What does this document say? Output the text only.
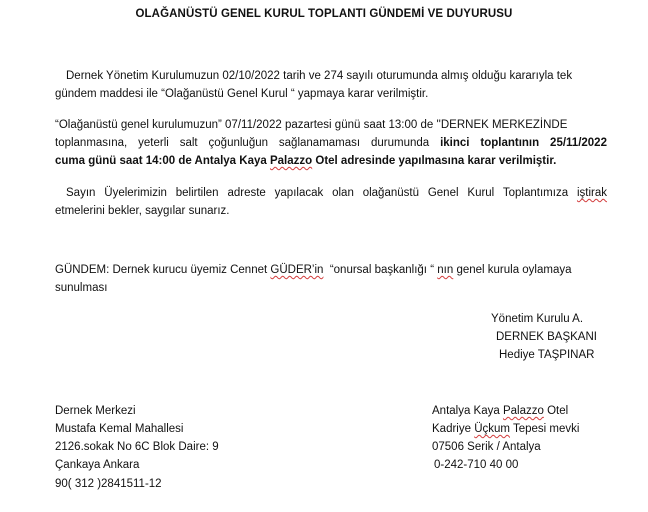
OLAĞANÜSTÜ GENEL KURUL TOPLANTI GÜNDEMİ VE DUYURUSU
Dernek Yönetim Kurulumuzun 02/10/2022 tarih ve 274 sayılı oturumunda almış olduğu kararıyla tek
gündem maddesi ile “Olağanüstü Genel Kurul “ yapmaya karar verilmiştir.
“Olağanüstü genel kurulumuzun” 07/11/2022 pazartesi günü saat 13:00 de ''DERNEK MERKEZİNDE
toplanmasına, yeterli salt çoğunluğun sağlanamaması durumunda ikinci toplantının 25/11/2022
cuma günü saat 14:00 de Antalya Kaya Palazzo Otel adresinde yapılmasına karar verilmiştir.
Sayın Üyelerimizin belirtilen adreste yapılacak olan olağanüstü Genel Kurul Toplantımıza iştirak
etmelerini bekler, saygılar sunarız.
GÜNDEM: Dernek kurucu üyemiz Cennet GÜDER’in “onursal başkanlığı “ nın genel kurula oylamaya
sunulması
Yönetim Kurulu A.
DERNEK BAŞKANI
Hediye TAŞPINAR
Dernek Merkezi
Mustafa Kemal Mahallesi
2126.sokak No 6C Blok Daire: 9
Çankaya Ankara
90( 312 )2841511-12
Antalya Kaya Palazzo Otel
Kadriye Üçkum Tepesi mevki
07506 Serik / Antalya
0-242-710 40 00
